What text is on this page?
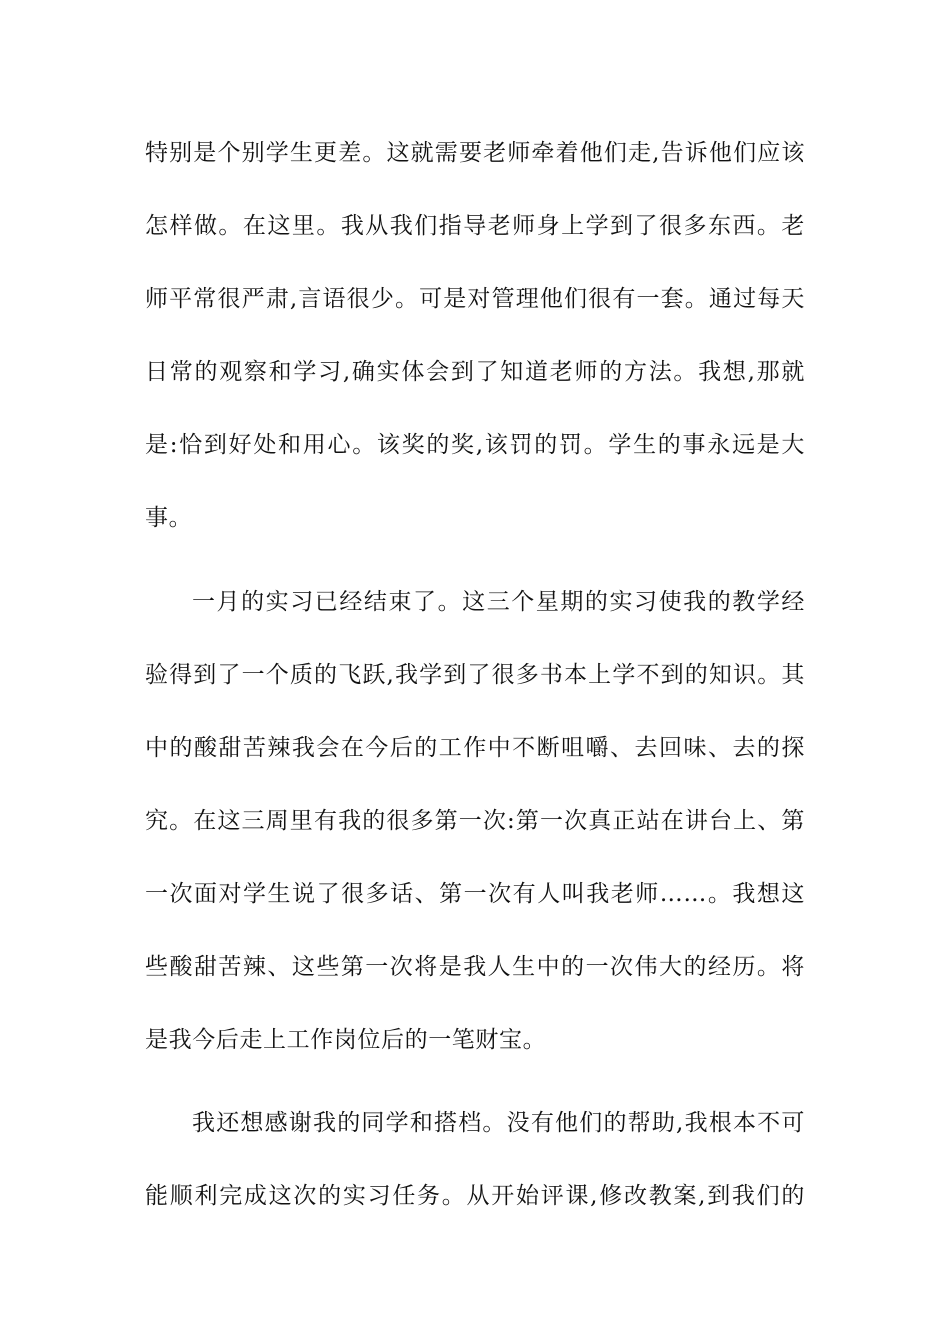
特别是个别学生更差。这就需要老师牵着他们走,告诉他们应该
怎样做。在这里。我从我们指导老师身上学到了很多东西。老
师平常很严肃,言语很少。可是对管理他们很有一套。通过每天
日常的观察和学习,确实体会到了知道老师的方法。我想,那就
是:恰到好处和用心。该奖的奖,该罚的罚。学生的事永远是大
事。
一月的实习已经结束了。这三个星期的实习使我的教学经
验得到了一个质的飞跃,我学到了很多书本上学不到的知识。其
中的酸甜苦辣我会在今后的工作中不断咀嚼、去回味、去的探
究。在这三周里有我的很多第一次:第一次真正站在讲台上、第
一次面对学生说了很多话、第一次有人叫我老师……。我想这
些酸甜苦辣、这些第一次将是我人生中的一次伟大的经历。将
是我今后走上工作岗位后的一笔财宝。
我还想感谢我的同学和搭档。没有他们的帮助,我根本不可
能顺利完成这次的实习任务。从开始评课,修改教案,到我们的
